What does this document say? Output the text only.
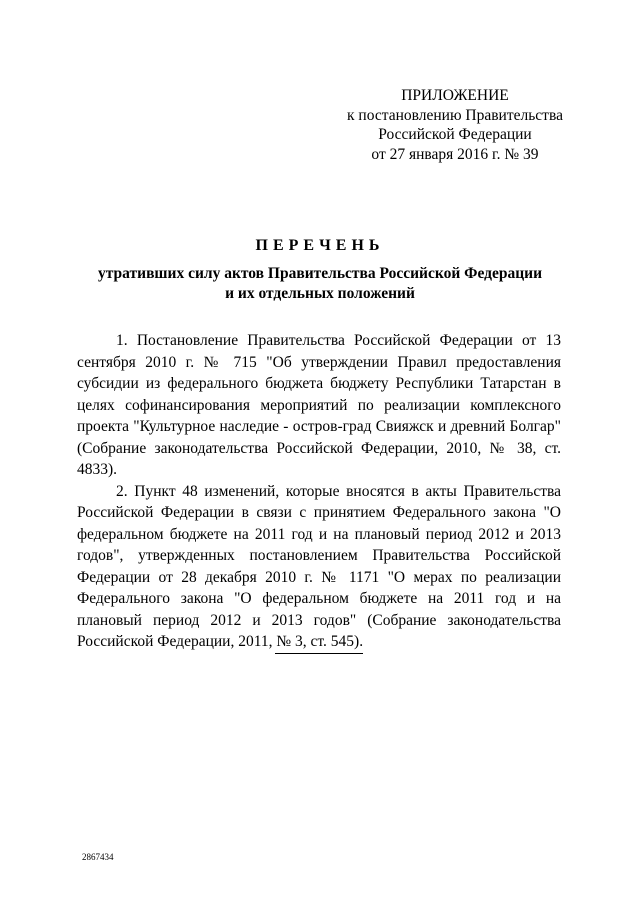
ПРИЛОЖЕНИЕ
к постановлению Правительства
Российской Федерации
от 27 января 2016 г. № 39
ПЕРЕЧЕНЬ
утративших силу актов Правительства Российской Федерации
и их отдельных положений

1. Постановление Правительства Российской Федерации от 13 сентября 2010 г. № 715 "Об утверждении Правил предоставления субсидии из федерального бюджета бюджету Республики Татарстан в целях софинансирования мероприятий по реализации комплексного проекта "Культурное наследие - остров-град Свияжск и древний Болгар" (Собрание законодательства Российской Федерации, 2010, № 38, ст. 4833).

2. Пункт 48 изменений, которые вносятся в акты Правительства Российской Федерации в связи с принятием Федерального закона "О федеральном бюджете на 2011 год и на плановый период 2012 и 2013 годов", утвержденных постановлением Правительства Российской Федерации от 28 декабря 2010 г. № 1171 "О мерах по реализации Федерального закона "О федеральном бюджете на 2011 год и на плановый период 2012 и 2013 годов" (Собрание законодательства Российской Федерации, 2011, № 3, ст. 545).

2867434
